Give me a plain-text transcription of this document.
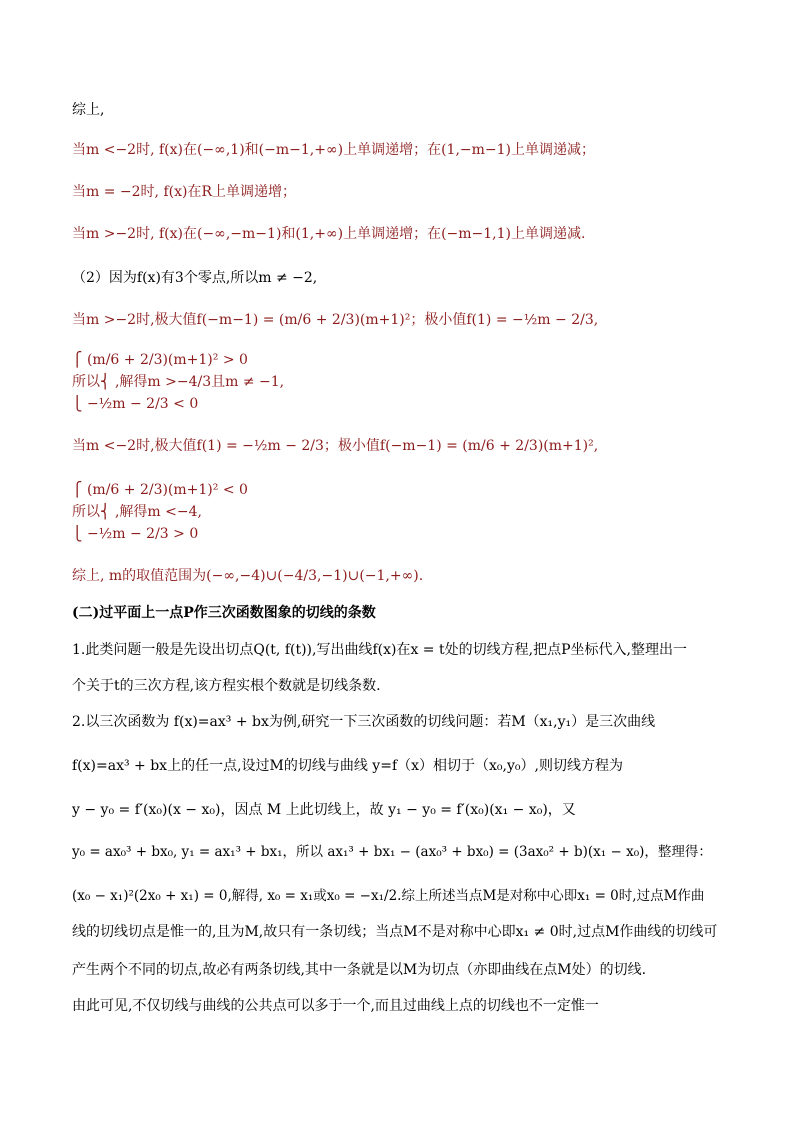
综上,
当m <−2时, f(x)在(−∞,1)和(−m−1,+∞)上单调递增；在(1,−m−1)上单调递减；
当m = −2时, f(x)在R上单调递增；
当m >−2时, f(x)在(−∞,−m−1)和(1,+∞)上单调递增；在(−m−1,1)上单调递减.
（2）因为f(x)有3个零点,所以m ≠ −2,
当m >−2时,极大值f(−m−1) = (m/6 + 2/3)(m+1)²；极小值f(1) = −½m − 2/3,
⎧ (m/6 + 2/3)(m+1)² > 0
所以⎨ ,解得m >−4/3且m ≠ −1,
⎩ −½m − 2/3 < 0
当m <−2时,极大值f(1) = −½m − 2/3；极小值f(−m−1) = (m/6 + 2/3)(m+1)²,
⎧ (m/6 + 2/3)(m+1)² < 0
所以⎨ ,解得m <−4,
⎩ −½m − 2/3 > 0
综上, m的取值范围为(−∞,−4)∪(−4/3,−1)∪(−1,+∞).
(二)过平面上一点P作三次函数图象的切线的条数
1.此类问题一般是先设出切点Q(t, f(t)),写出曲线f(x)在x = t处的切线方程,把点P坐标代入,整理出一
个关于t的三次方程,该方程实根个数就是切线条数.
2.以三次函数为 f(x)=ax³ + bx为例,研究一下三次函数的切线问题：若M（x₁,y₁）是三次曲线
f(x)=ax³ + bx上的任一点,设过M的切线与曲线 y=f（x）相切于（x₀,y₀）,则切线方程为
y − y₀ = f′(x₀)(x − x₀)，因点 M 上此切线上，故 y₁ − y₀ = f′(x₀)(x₁ − x₀)，又
y₀ = ax₀³ + bx₀, y₁ = ax₁³ + bx₁，所以 ax₁³ + bx₁ − (ax₀³ + bx₀) = (3ax₀² + b)(x₁ − x₀)，整理得：
(x₀ − x₁)²(2x₀ + x₁) = 0,解得, x₀ = x₁或x₀ = −x₁/2.综上所述当点M是对称中心即x₁ = 0时,过点M作曲
线的切线切点是惟一的,且为M,故只有一条切线；当点M不是对称中心即x₁ ≠ 0时,过点M作曲线的切线可
产生两个不同的切点,故必有两条切线,其中一条就是以M为切点（亦即曲线在点M处）的切线.
由此可见,不仅切线与曲线的公共点可以多于一个,而且过曲线上点的切线也不一定惟一
